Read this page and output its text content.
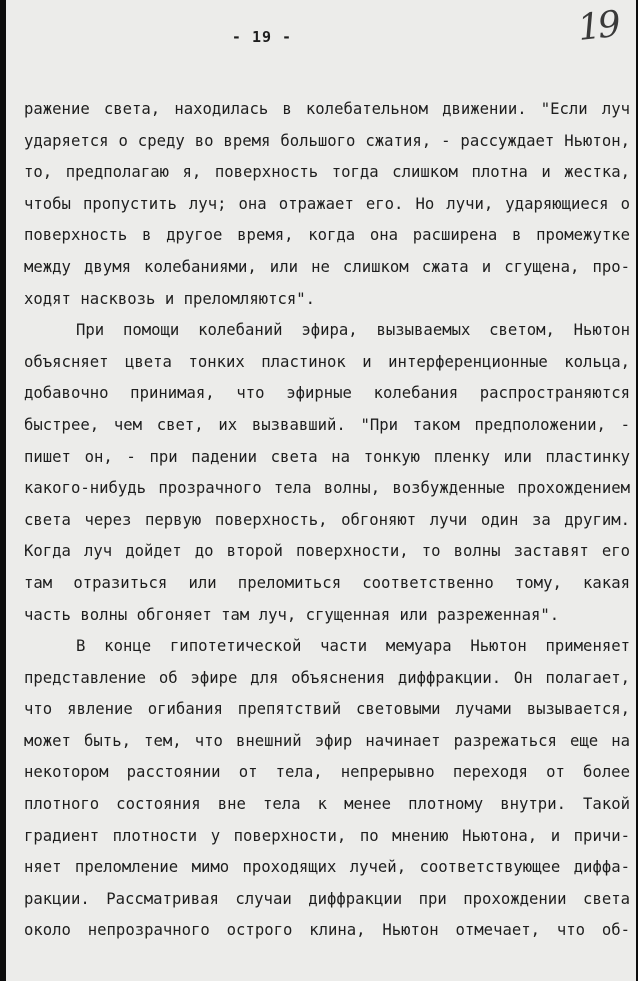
- 19 -	19
ражение света, находилась в колебательном движении. "Если луч
ударяется о среду во время большого сжатия, - рассуждает Ньютон,
то, предполагаю я, поверхность тогда слишком плотна и жестка,
чтобы пропустить луч; она отражает его. Но лучи, ударяющиеся о
поверхность в другое время, когда она расширена в промежутке
между двумя колебаниями, или не слишком сжата и сгущена, про-
ходят насквозь и преломляются".
При помощи колебаний эфира, вызываемых светом, Ньютон
объясняет цвета тонких пластинок и интерференционные кольца,
добавочно принимая, что эфирные колебания распространяются
быстрее, чем свет, их вызвавший. "При таком предположении, -
пишет он, - при падении света на тонкую пленку или пластинку
какого-нибудь прозрачного тела волны, возбужденные прохождением
света через первую поверхность, обгоняют лучи один за другим.
Когда луч дойдет до второй поверхности, то волны заставят его
там отразиться или преломиться соответственно тому, какая
часть волны обгоняет там луч, сгущенная или разреженная".
В конце гипотетической части мемуара Ньютон применяет
представление об эфире для объяснения диффракции. Он полагает,
что явление огибания препятствий световыми лучами вызывается,
может быть, тем, что внешний эфир начинает разрежаться еще на
некотором расстоянии от тела, непрерывно переходя от более
плотного состояния вне тела к менее плотному внутри. Такой
градиент плотности у поверхности, по мнению Ньютона, и причи-
няет преломление мимо проходящих лучей, соответствующее диффа-
ракции. Рассматривая случаи диффракции при прохождении света
около непрозрачного острого клина, Ньютон отмечает, что об-
